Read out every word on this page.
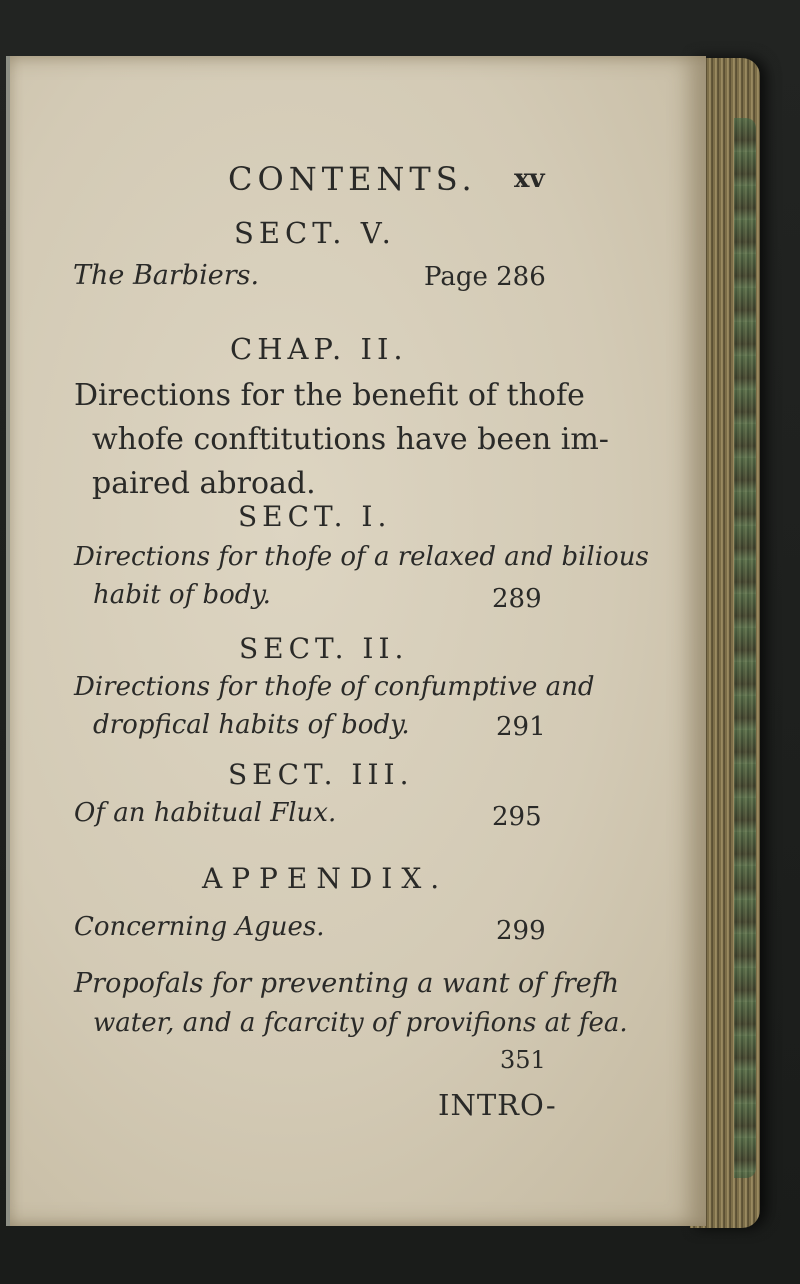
CONTENTS. xv
SECT. V.
The Barbiers.	Page 286
CHAP. II.
Directions for the benefit of thofe
whofe conftitutions have been im-
paired abroad.
SECT. I.
Directions for thofe of a relaxed and bilious
habit of body.	289
SECT. II.
Directions for thofe of confumptive and
dropfical habits of body.	291
SECT. III.
Of an habitual Flux.	295
APPENDIX.
Concerning Agues.	299
Propofals for preventing a want of frefh
water, and a fcarcity of provifions at fea.
351
INTRO-
